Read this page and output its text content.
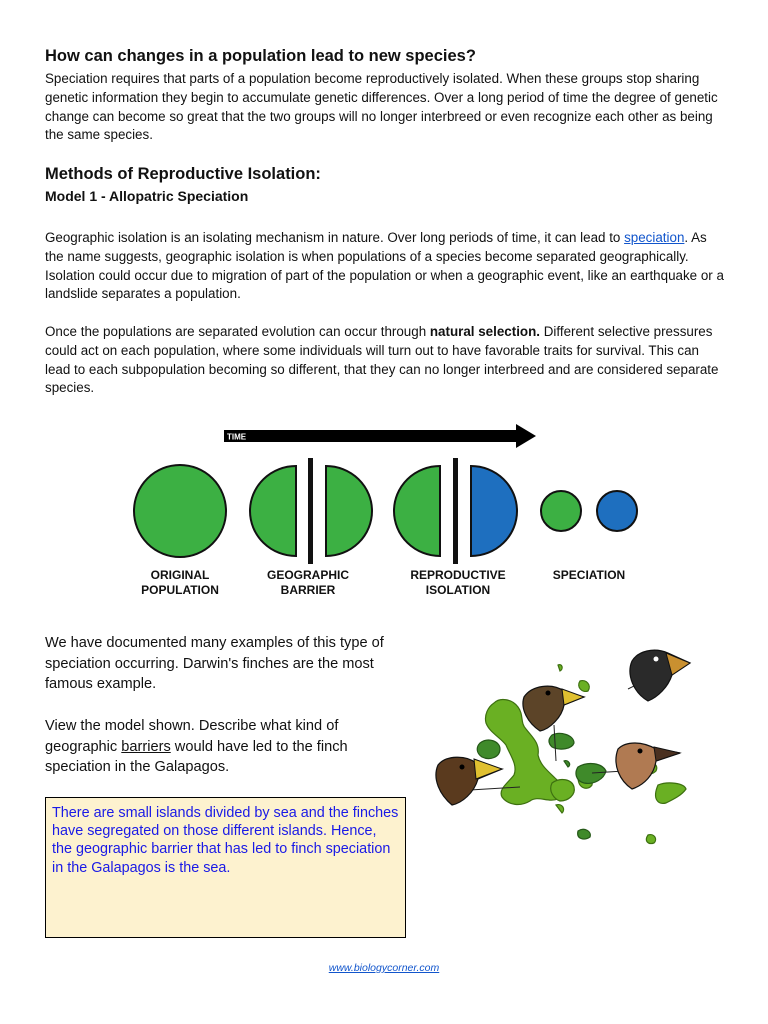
How can changes in a population lead to new species?

Speciation requires that parts of a population become reproductively isolated. When these groups stop sharing genetic information they begin to accumulate genetic differences. Over a long period of time the degree of genetic change can become so great that the two groups will no longer interbreed or even recognize each other as being the same species.

Methods of Reproductive Isolation:
Model 1 - Allopatric Speciation

Geographic isolation is an isolating mechanism in nature. Over long periods of time, it can lead to speciation. As the name suggests, geographic isolation is when populations of a species become separated geographically. Isolation could occur due to migration of part of the population or when a geographic event, like an earthquake or a landslide separates a population.

Once the populations are separated evolution can occur through natural selection. Different selective pressures could act on each population, where some individuals will turn out to have favorable traits for survival. This can lead to each subpopulation becoming so different, that they can no longer interbreed and are considered separate species.

TIME
ORIGINAL
POPULATION
GEOGRAPHIC
BARRIER
REPRODUCTIVE
ISOLATION
SPECIATION

We have documented many examples of this type of speciation occurring. Darwin's finches are the most famous example.

View the model shown. Describe what kind of geographic barriers would have led to the finch speciation in the Galapagos.

There are small islands divided by sea and the finches have segregated on those different islands. Hence, the geographic barrier that has led to finch speciation in the Galapagos is the sea.
www.biologycorner.com
